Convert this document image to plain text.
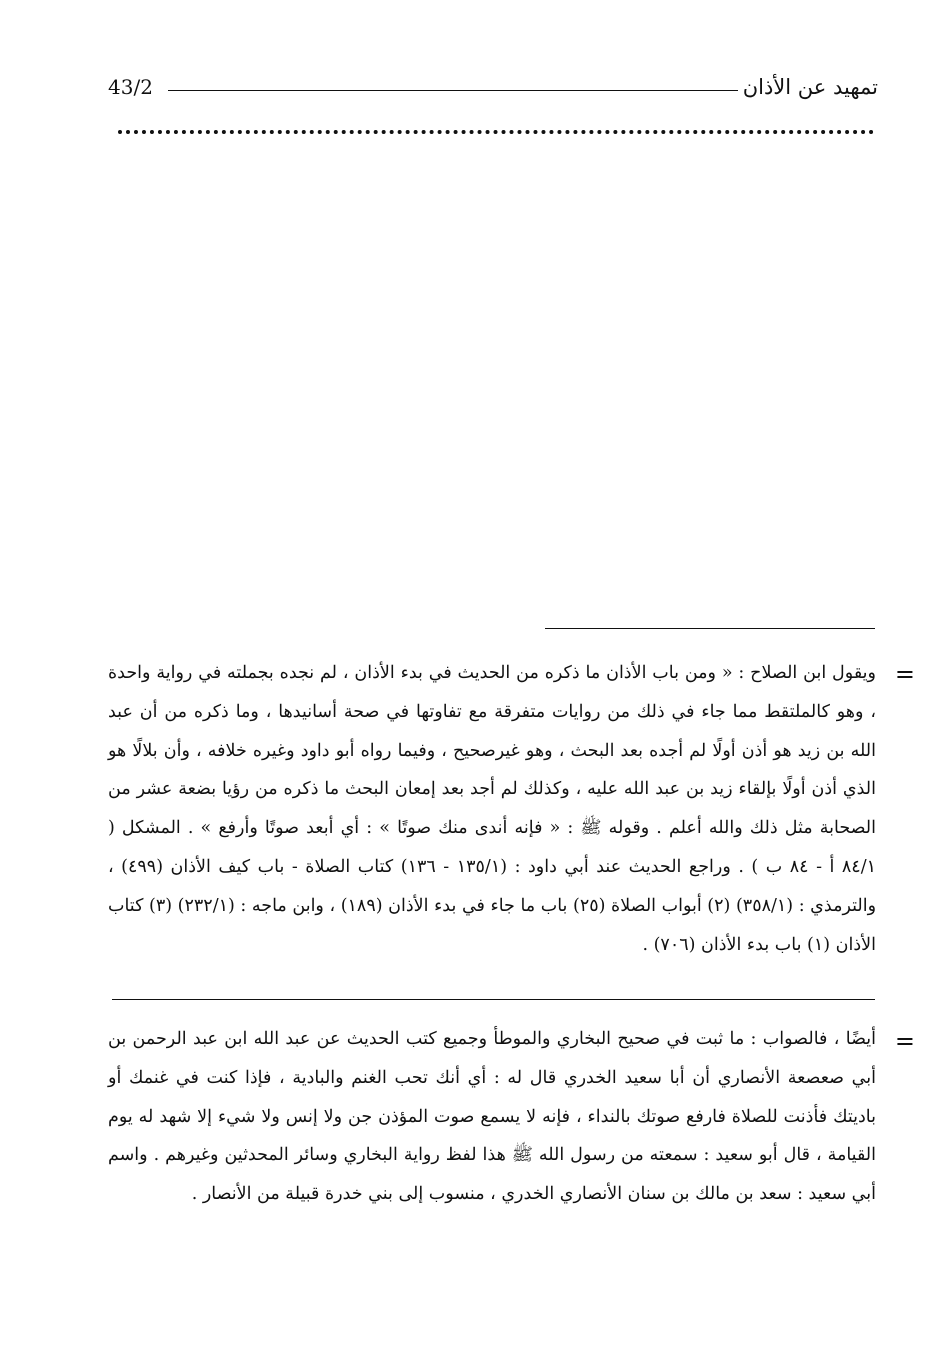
تمهيد عن الأذان
43/2
=

ويقول ابن الصلاح : « ومن باب الأذان ما ذكره من الحديث في بدء الأذان ، لم نجده بجملته في رواية واحدة ، وهو كالملتقط مما جاء في ذلك من روايات متفرقة مع تفاوتها في صحة أسانيدها ، وما ذكره من أن عبد الله بن زيد هو أذن أولًا لم أجده بعد البحث ، وهو غيرصحيح ، وفيما رواه أبو داود وغيره خلافه ، وأن بلالًا هو الذي أذن أولًا بإلقاء زيد بن عبد الله عليه ، وكذلك لم أجد بعد إمعان البحث ما ذكره من رؤيا بضعة عشر من الصحابة مثل ذلك والله أعلم . وقوله ﷺ : « فإنه أندى منك صوتًا » : أي أبعد صوتًا وأرفع » . المشكل ( ٨٤/١ أ - ٨٤ ب ) . وراجع الحديث عند أبي داود : (١٣٥/١ - ١٣٦) كتاب الصلاة - باب كيف الأذان (٤٩٩) ، والترمذي : (٣٥٨/١) (٢) أبواب الصلاة (٢٥) باب ما جاء في بدء الأذان (١٨٩) ، وابن ماجه : (٢٣٢/١) (٣) كتاب الأذان (١) باب بدء الأذان (٧٠٦) .

=

أيضًا ، فالصواب : ما ثبت في صحيح البخاري والموطأ وجميع كتب الحديث عن عبد الله ابن عبد الرحمن بن أبي صعصعة الأنصاري أن أبا سعيد الخدري قال له : أي أنك تحب الغنم والبادية ، فإذا كنت في غنمك أو باديتك فأذنت للصلاة فارفع صوتك بالنداء ، فإنه لا يسمع صوت المؤذن جن ولا إنس ولا شيء إلا شهد له يوم القيامة ، قال أبو سعيد : سمعته من رسول الله ﷺ هذا لفظ رواية البخاري وسائر المحدثين وغيرهم . واسم أبي سعيد : سعد بن مالك بن سنان الأنصاري الخدري ، منسوب إلى بني خدرة قبيلة من الأنصار .
